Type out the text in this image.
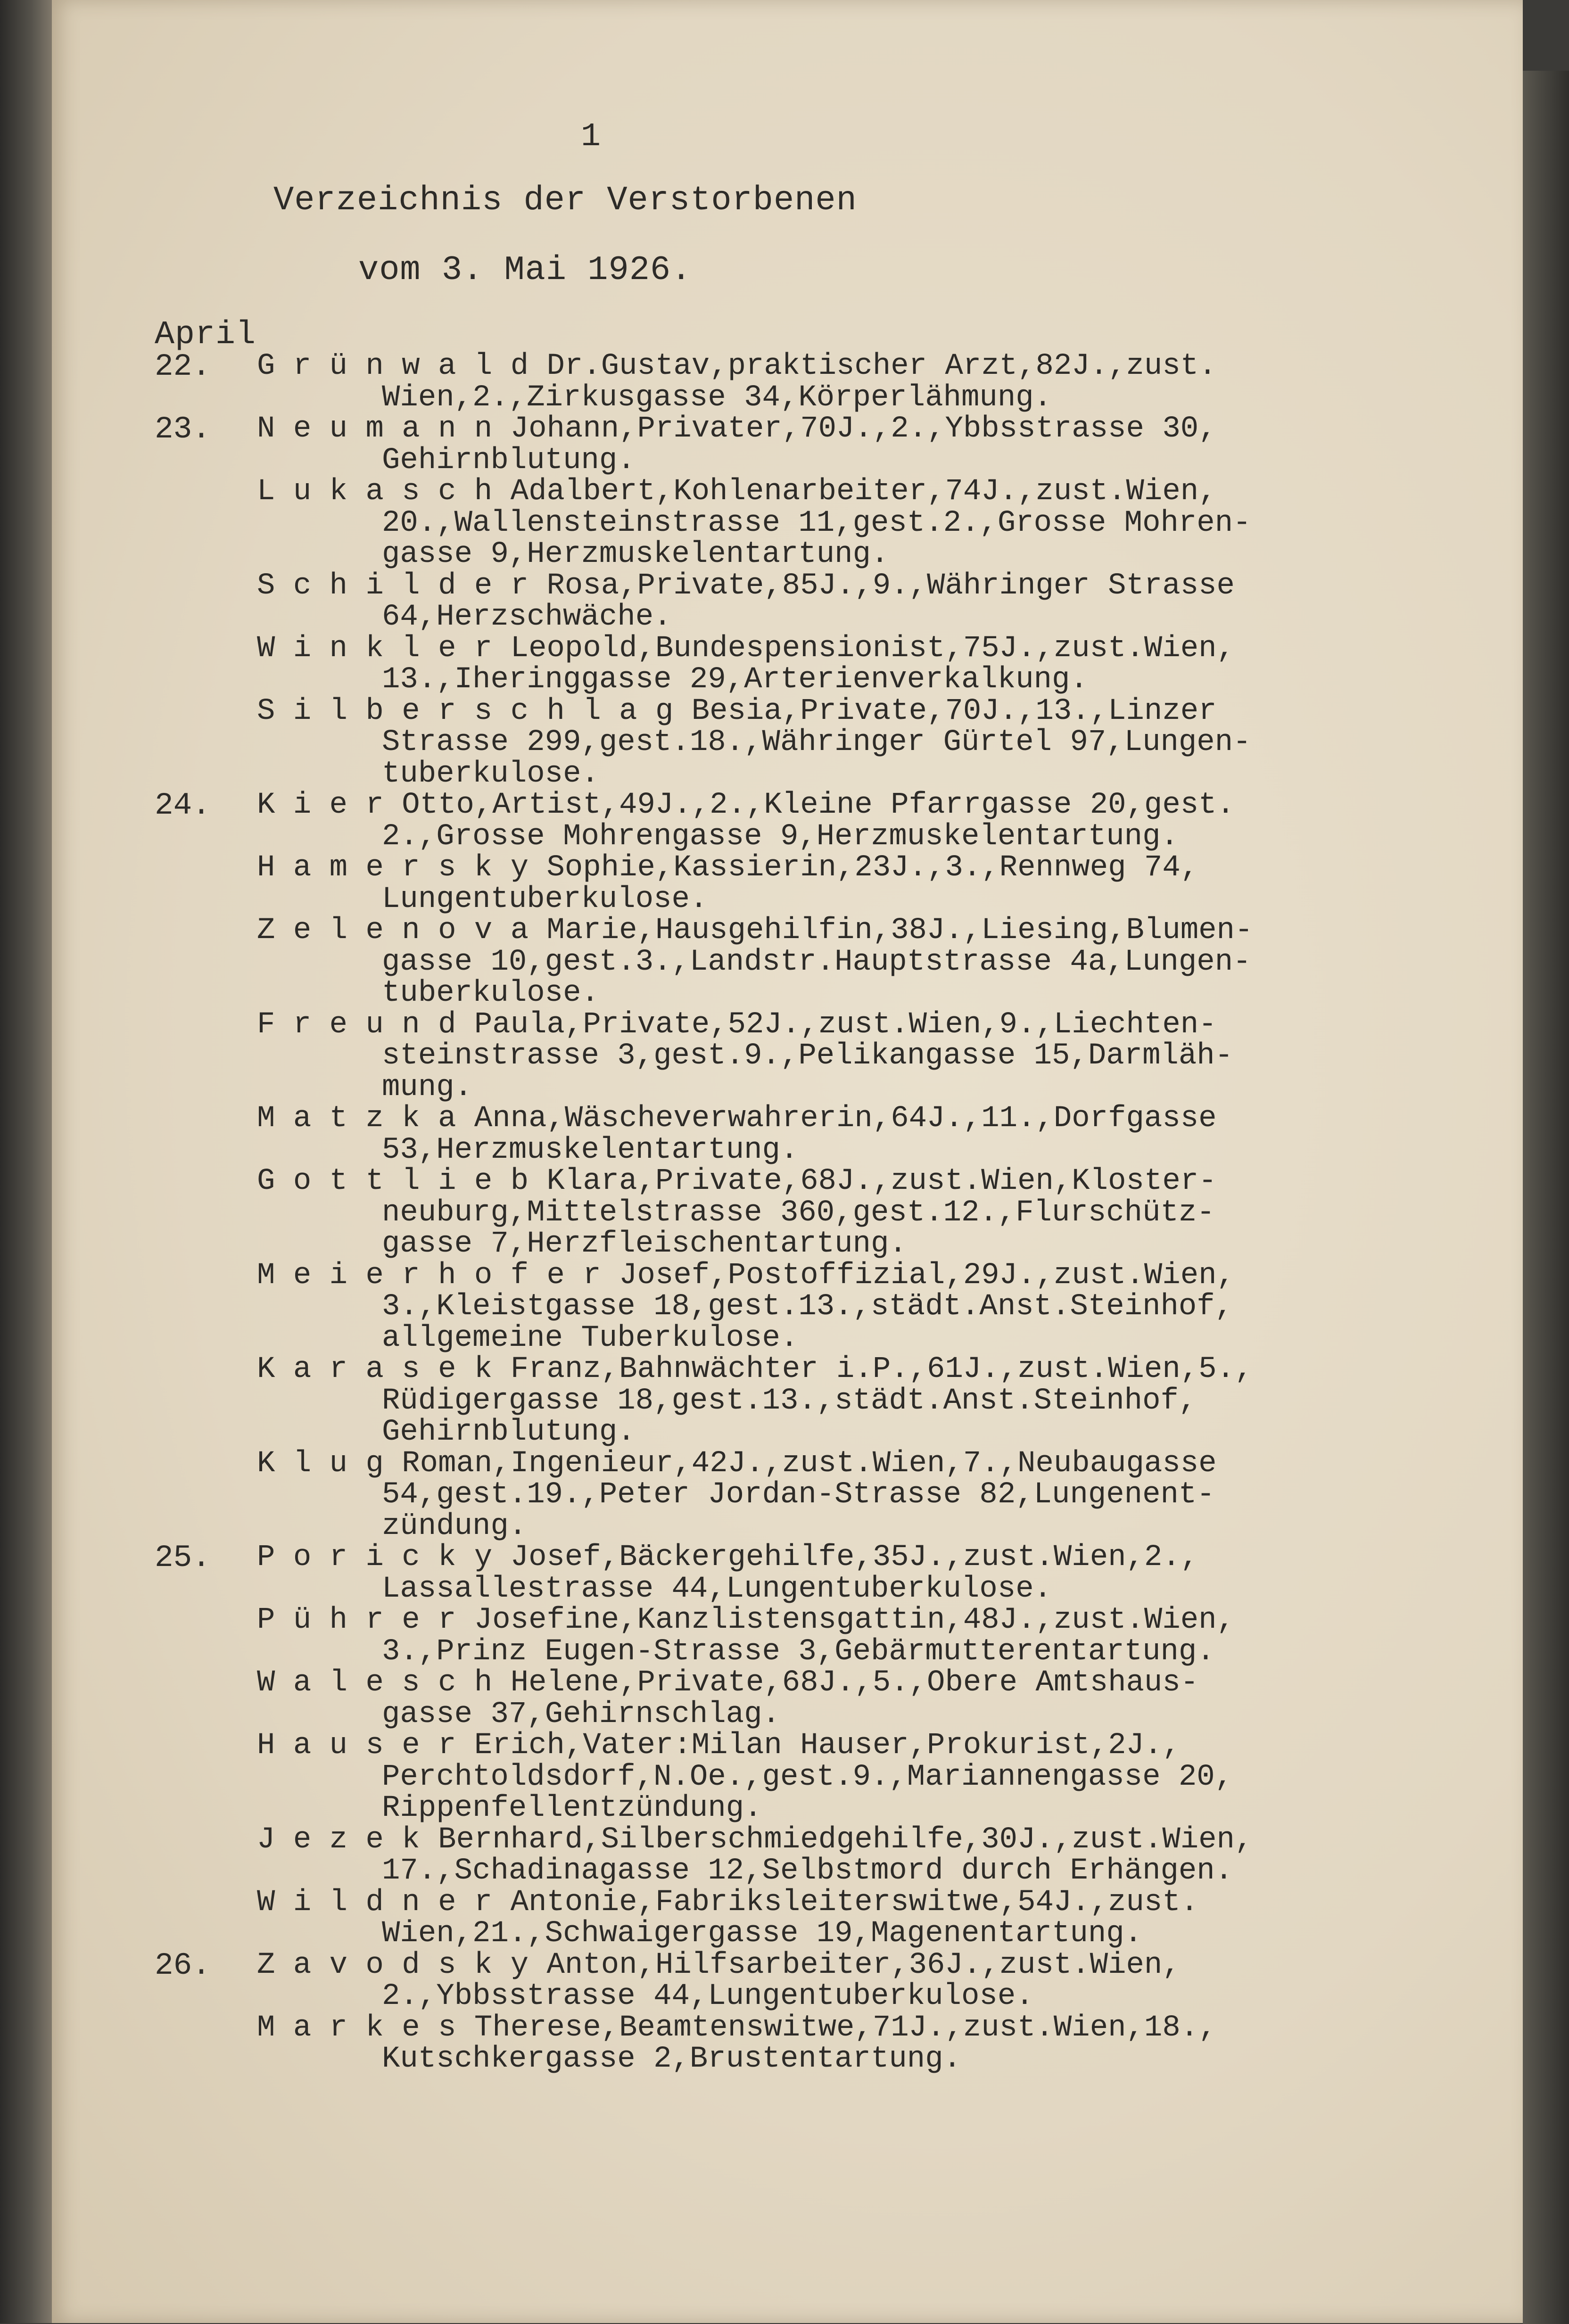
1
Verzeichnis der Verstorbenen
vom 3. Mai 1926.
April
22. G r ü n w a l d Dr.Gustav,praktischer Arzt,82J.,zust.
Wien,2.,Zirkusgasse 34,Körperlähmung.
23. N e u m a n n Johann,Privater,70J.,2.,Ybbsstrasse 30,
Gehirnblutung.
L u k a s c h Adalbert,Kohlenarbeiter,74J.,zust.Wien,
20.,Wallensteinstrasse 11,gest.2.,Grosse Mohren-
gasse 9,Herzmuskelentartung.
S c h i l d e r Rosa,Private,85J.,9.,Währinger Strasse
64,Herzschwäche.
W i n k l e r Leopold,Bundespensionist,75J.,zust.Wien,
13.,Iheringgasse 29,Arterienverkalkung.
S i l b e r s c h l a g Besia,Private,70J.,13.,Linzer
Strasse 299,gest.18.,Währinger Gürtel 97,Lungen-
tuberkulose.
24. K i e r Otto,Artist,49J.,2.,Kleine Pfarrgasse 20,gest.
2.,Grosse Mohrengasse 9,Herzmuskelentartung.
H a m e r s k y Sophie,Kassierin,23J.,3.,Rennweg 74,
Lungentuberkulose.
Z e l e n o v a Marie,Hausgehilfin,38J.,Liesing,Blumen-
gasse 10,gest.3.,Landstr.Hauptstrasse 4a,Lungen-
tuberkulose.
F r e u n d Paula,Private,52J.,zust.Wien,9.,Liechten-
steinstrasse 3,gest.9.,Pelikangasse 15,Darmläh-
mung.
M a t z k a Anna,Wäscheverwahrerin,64J.,11.,Dorfgasse
53,Herzmuskelentartung.
G o t t l i e b Klara,Private,68J.,zust.Wien,Kloster-
neuburg,Mittelstrasse 360,gest.12.,Flurschütz-
gasse 7,Herzfleischentartung.
M e i e r h o f e r Josef,Postoffizial,29J.,zust.Wien,
3.,Kleistgasse 18,gest.13.,städt.Anst.Steinhof,
allgemeine Tuberkulose.
K a r a s e k Franz,Bahnwächter i.P.,61J.,zust.Wien,5.,
Rüdigergasse 18,gest.13.,städt.Anst.Steinhof,
Gehirnblutung.
K l u g Roman,Ingenieur,42J.,zust.Wien,7.,Neubaugasse
54,gest.19.,Peter Jordan-Strasse 82,Lungenent-
zündung.
25. P o r i c k y Josef,Bäckergehilfe,35J.,zust.Wien,2.,
Lassallestrasse 44,Lungentuberkulose.
P ü h r e r Josefine,Kanzlistensgattin,48J.,zust.Wien,
3.,Prinz Eugen-Strasse 3,Gebärmutterentartung.
W a l e s c h Helene,Private,68J.,5.,Obere Amtshaus-
gasse 37,Gehirnschlag.
H a u s e r Erich,Vater:Milan Hauser,Prokurist,2J.,
Perchtoldsdorf,N.Oe.,gest.9.,Mariannengasse 20,
Rippenfellentzündung.
J e z e k Bernhard,Silberschmiedgehilfe,30J.,zust.Wien,
17.,Schadinagasse 12,Selbstmord durch Erhängen.
W i l d n e r Antonie,Fabriksleiterswitwe,54J.,zust.
Wien,21.,Schwaigergasse 19,Magenentartung.
26. Z a v o d s k y Anton,Hilfsarbeiter,36J.,zust.Wien,
2.,Ybbsstrasse 44,Lungentuberkulose.
M a r k e s Therese,Beamtenswitwe,71J.,zust.Wien,18.,
Kutschkergasse 2,Brustentartung.
